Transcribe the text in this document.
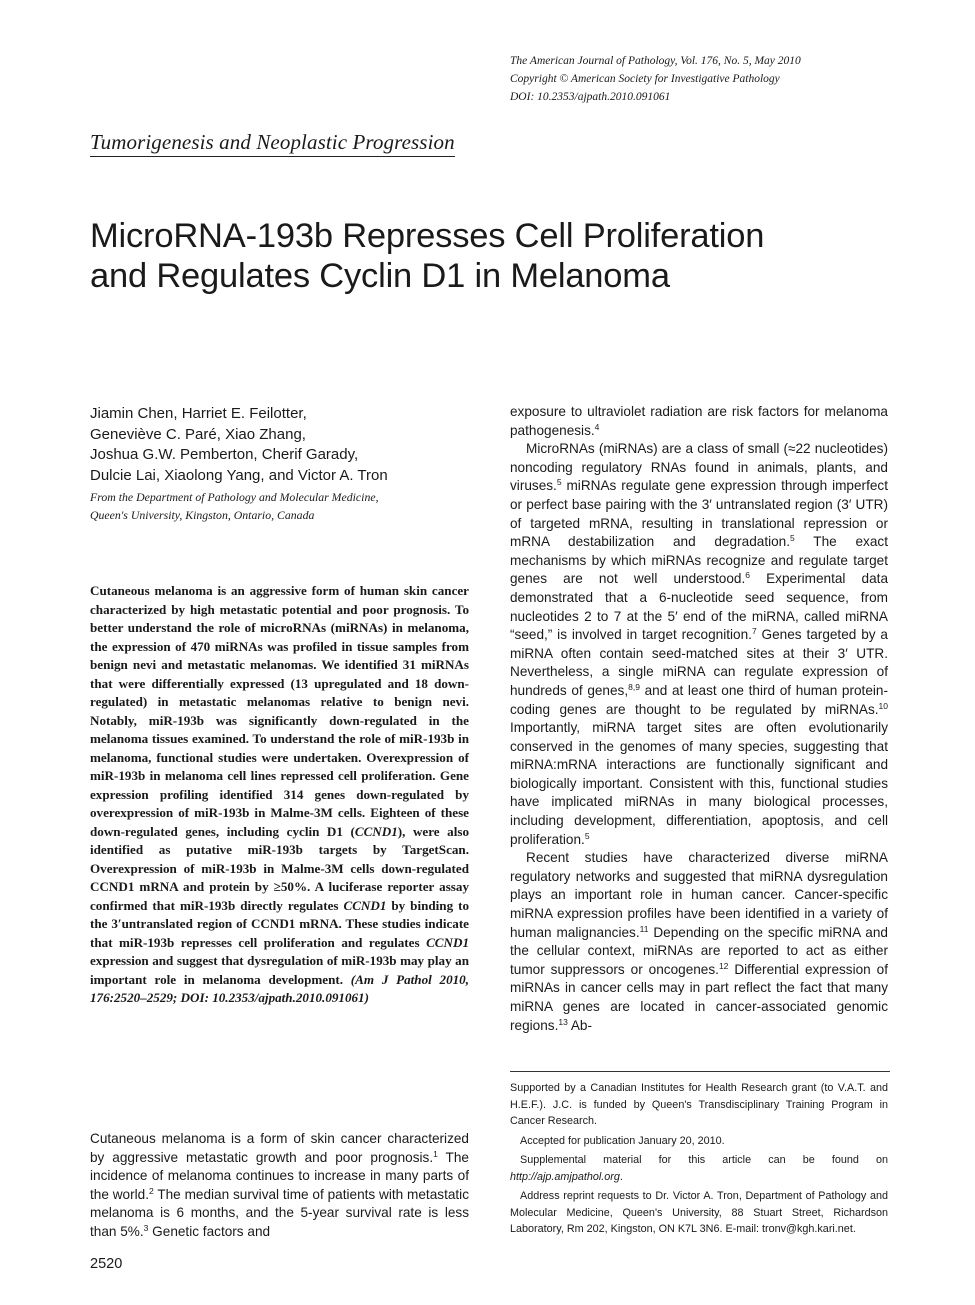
The American Journal of Pathology, Vol. 176, No. 5, May 2010
Copyright © American Society for Investigative Pathology
DOI: 10.2353/ajpath.2010.091061
Tumorigenesis and Neoplastic Progression
MicroRNA-193b Represses Cell Proliferation
and Regulates Cyclin D1 in Melanoma
Jiamin Chen, Harriet E. Feilotter,
Geneviève C. Paré, Xiao Zhang,
Joshua G.W. Pemberton, Cherif Garady,
Dulcie Lai, Xiaolong Yang, and Victor A. Tron
From the Department of Pathology and Molecular Medicine,
Queen's University, Kingston, Ontario, Canada
Cutaneous melanoma is an aggressive form of human skin cancer characterized by high metastatic potential and poor prognosis. To better understand the role of microRNAs (miRNAs) in melanoma, the expression of 470 miRNAs was profiled in tissue samples from benign nevi and metastatic melanomas. We identified 31 miRNAs that were differentially expressed (13 upregulated and 18 down-regulated) in metastatic melanomas relative to benign nevi. Notably, miR-193b was significantly down-regulated in the melanoma tissues examined. To understand the role of miR-193b in melanoma, functional studies were undertaken. Overexpression of miR-193b in melanoma cell lines repressed cell proliferation. Gene expression profiling identified 314 genes down-regulated by overexpression of miR-193b in Malme-3M cells. Eighteen of these down-regulated genes, including cyclin D1 (CCND1), were also identified as putative miR-193b targets by TargetScan. Overexpression of miR-193b in Malme-3M cells down-regulated CCND1 mRNA and protein by ≥50%. A luciferase reporter assay confirmed that miR-193b directly regulates CCND1 by binding to the 3′untranslated region of CCND1 mRNA. These studies indicate that miR-193b represses cell proliferation and regulates CCND1 expression and suggest that dysregulation of miR-193b may play an important role in melanoma development. (Am J Pathol 2010, 176:2520–2529; DOI: 10.2353/ajpath.2010.091061)

Cutaneous melanoma is a form of skin cancer characterized by aggressive metastatic growth and poor prognosis.$^1$ The incidence of melanoma continues to increase in many parts of the world.$^2$ The median survival time of patients with metastatic melanoma is 6 months, and the 5-year survival rate is less than 5%.$^3$ Genetic factors and

exposure to ultraviolet radiation are risk factors for melanoma pathogenesis.$^4$

MicroRNAs (miRNAs) are a class of small (≈22 nucleotides) noncoding regulatory RNAs found in animals, plants, and viruses.$^5$ miRNAs regulate gene expression through imperfect or perfect base pairing with the 3′ untranslated region (3′ UTR) of targeted mRNA, resulting in translational repression or mRNA destabilization and degradation.$^5$ The exact mechanisms by which miRNAs recognize and regulate target genes are not well understood.$^6$ Experimental data demonstrated that a 6-nucleotide seed sequence, from nucleotides 2 to 7 at the 5′ end of the miRNA, called miRNA “seed,” is involved in target recognition.$^7$ Genes targeted by a miRNA often contain seed-matched sites at their 3′ UTR. Nevertheless, a single miRNA can regulate expression of hundreds of genes,$^{8,9}$ and at least one third of human protein-coding genes are thought to be regulated by miRNAs.$^{10}$ Importantly, miRNA target sites are often evolutionarily conserved in the genomes of many species, suggesting that miRNA:mRNA interactions are functionally significant and biologically important. Consistent with this, functional studies have implicated miRNAs in many biological processes, including development, differentiation, apoptosis, and cell proliferation.$^5$

Recent studies have characterized diverse miRNA regulatory networks and suggested that miRNA dysregulation plays an important role in human cancer. Cancer-specific miRNA expression profiles have been identified in a variety of human malignancies.$^{11}$ Depending on the specific miRNA and the cellular context, miRNAs are reported to act as either tumor suppressors or oncogenes.$^{12}$ Differential expression of miRNAs in cancer cells may in part reflect the fact that many miRNA genes are located in cancer-associated genomic regions.$^{13}$ Ab-

Supported by a Canadian Institutes for Health Research grant (to V.A.T. and H.E.F.). J.C. is funded by Queen's Transdisciplinary Training Program in Cancer Research.

Accepted for publication January 20, 2010.

Supplemental material for this article can be found on http://ajp.amjpathol.org.

Address reprint requests to Dr. Victor A. Tron, Department of Pathology and Molecular Medicine, Queen's University, 88 Stuart Street, Richardson Laboratory, Rm 202, Kingston, ON K7L 3N6. E-mail: tronv@kgh.kari.net.

2520
